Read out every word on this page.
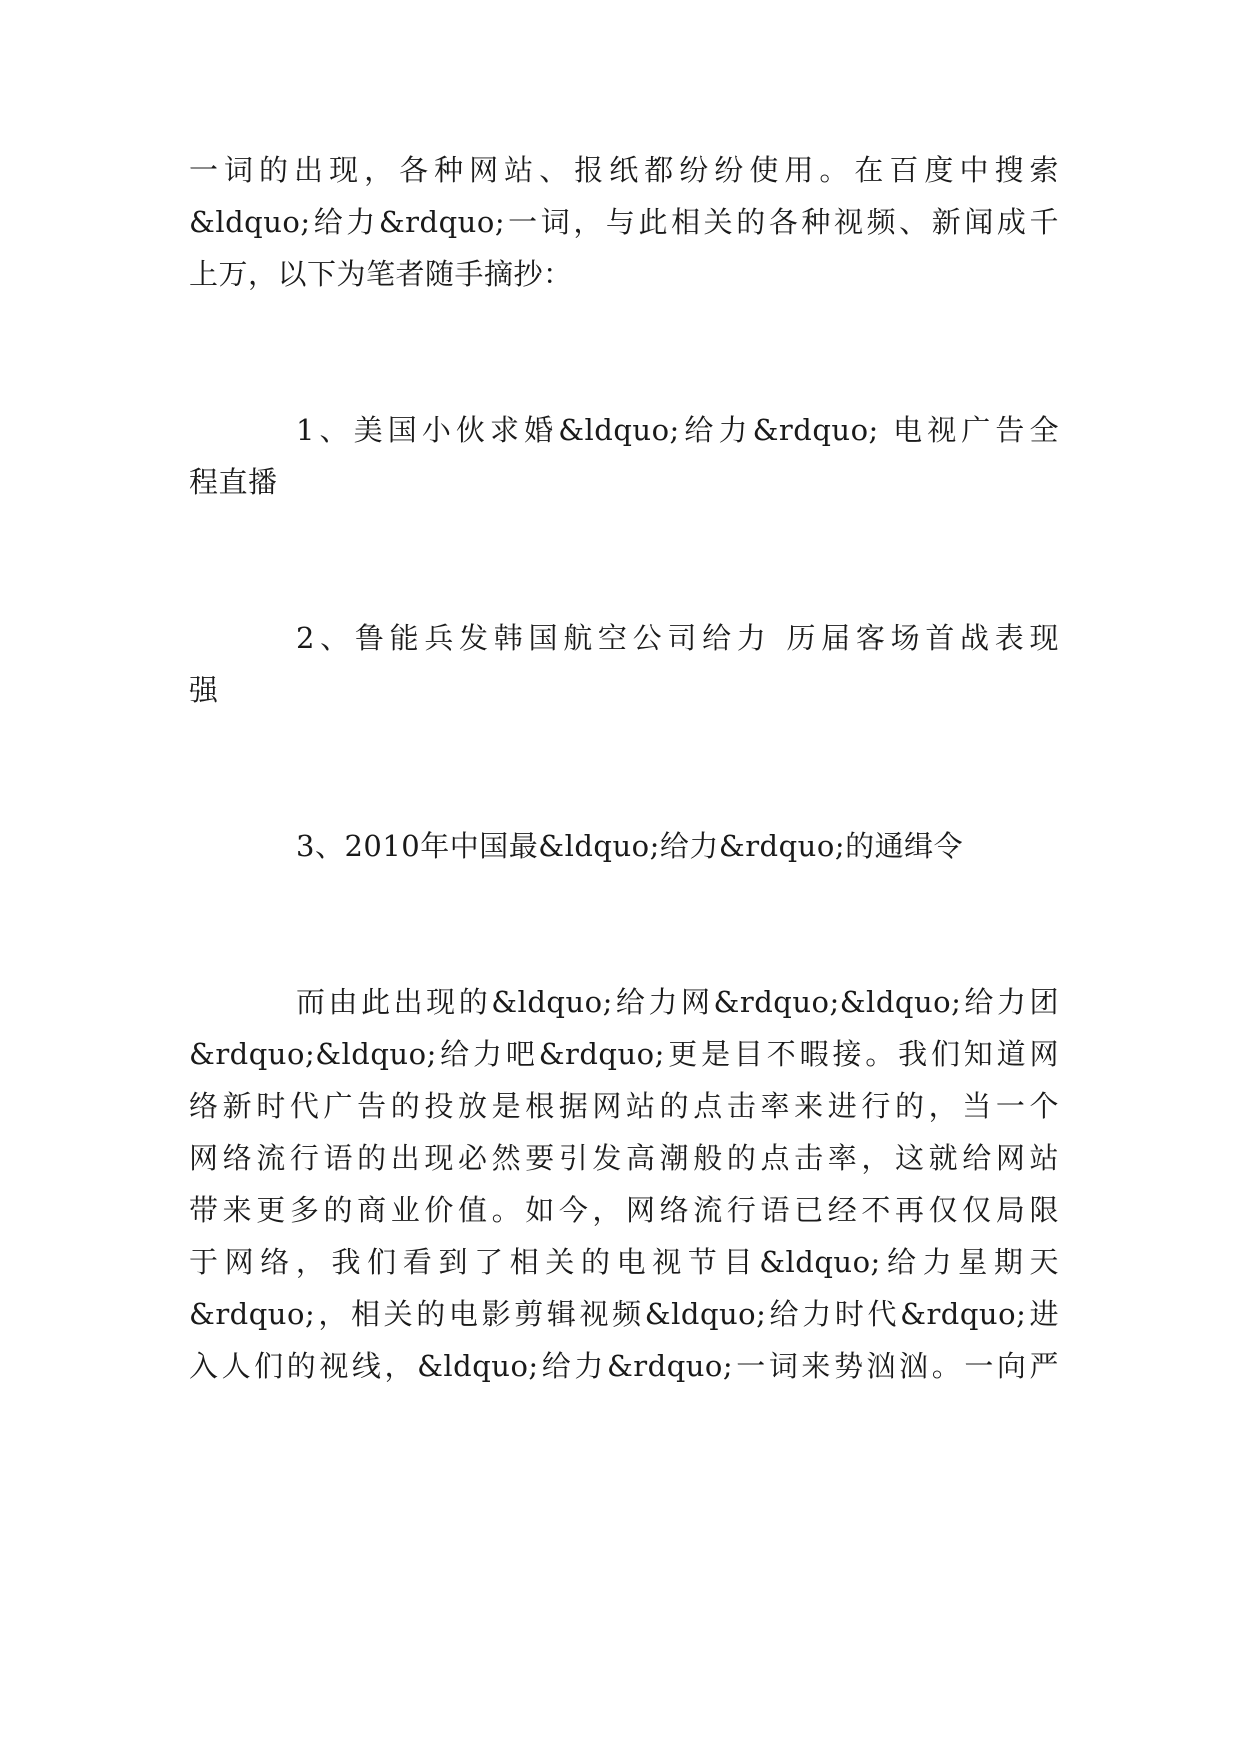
一词的出现，各种网站、报纸都纷纷使用。在百度中搜索
&ldquo;给力&rdquo;一词，与此相关的各种视频、新闻成千
上万，以下为笔者随手摘抄：
1、美国小伙求婚&ldquo;给力&rdquo; 电视广告全
程直播
2、鲁能兵发韩国航空公司给力 历届客场首战表现
强
3、2010年中国最&ldquo;给力&rdquo;的通缉令
而由此出现的&ldquo;给力网&rdquo;&ldquo;给力团
&rdquo;&ldquo;给力吧&rdquo;更是目不暇接。我们知道网
络新时代广告的投放是根据网站的点击率来进行的，当一个
网络流行语的出现必然要引发高潮般的点击率，这就给网站
带来更多的商业价值。如今，网络流行语已经不再仅仅局限
于网络，我们看到了相关的电视节目&ldquo;给力星期天
&rdquo;，相关的电影剪辑视频&ldquo;给力时代&rdquo;进
入人们的视线，&ldquo;给力&rdquo;一词来势汹汹。一向严
